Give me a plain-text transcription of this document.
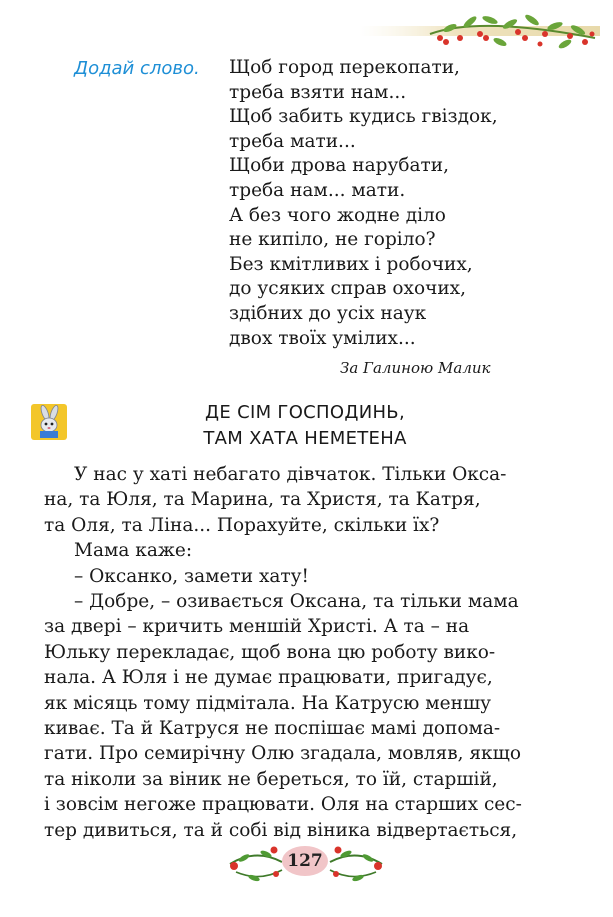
Додай слово. Щоб город перекопати,
треба взяти нам...
Щоб забить кудись гвіздок,
треба мати...
Щоби дрова нарубати,
треба нам... мати.
А без чого жодне діло
не кипіло, не горіло?
Без кмітливих і робочих,
до усяких справ охочих,
здібних до усіх наук
двох твоїх умілих...
За Галиною Малик
ДЕ СІМ ГОСПОДИНЬ,
ТАМ ХАТА НЕМЕТЕНА
У нас у хаті небагато дівчаток. Тільки Окса-
на, та Юля, та Марина, та Христя, та Катря,
та Оля, та Ліна... Порахуйте, скільки їх?
Мама каже:
– Оксанко, замети хату!
– Добре, – озивається Оксана, та тільки мама
за двері – кричить меншій Христі. А та – на
Юльку перекладає, щоб вона цю роботу вико-
нала. А Юля і не думає працювати, пригадує,
як місяць тому підмітала. На Катрусю меншу
киває. Та й Катруся не поспішає мамі допома-
гати. Про семирічну Олю згадала, мовляв, якщо
та ніколи за віник не береться, то їй, старшій,
і зовсім негоже працювати. Оля на старших сес-
тер дивиться, та й собі від віника відвертається,
127
